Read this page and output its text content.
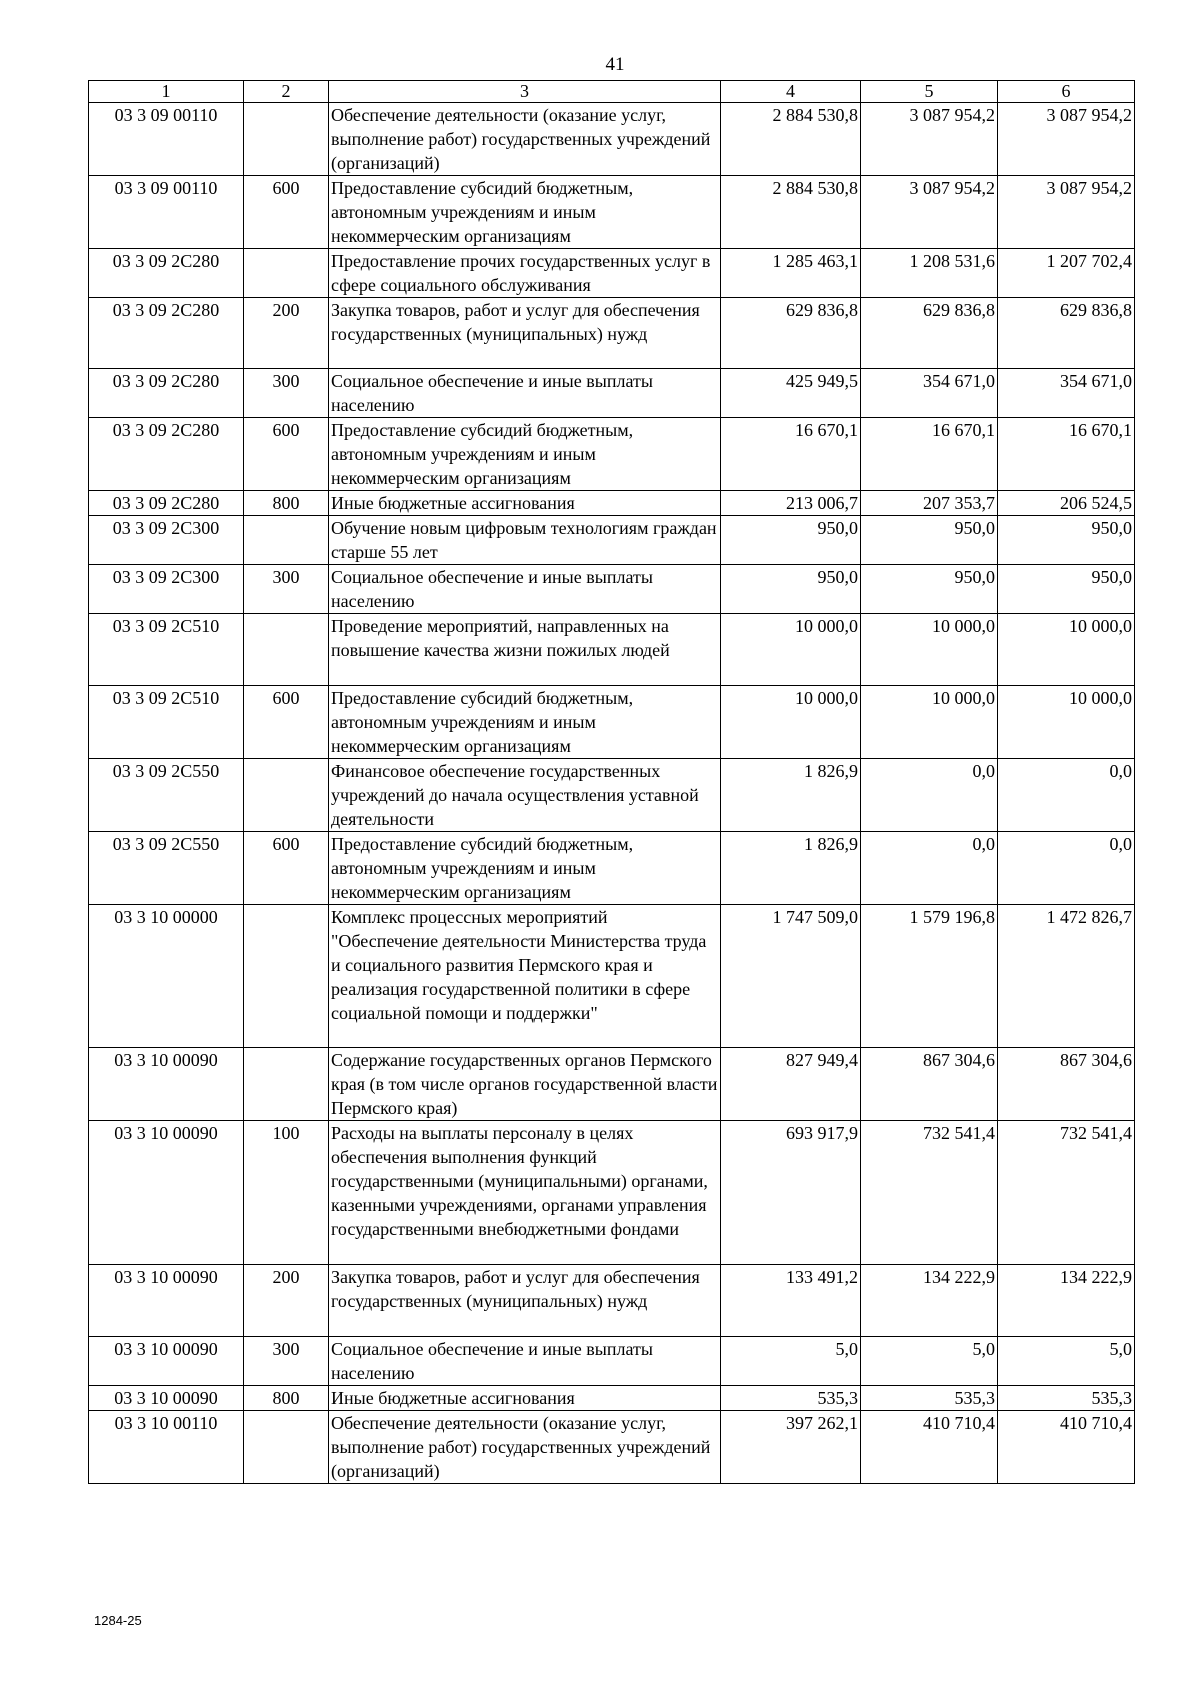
41
1	2	3	4	5	6
03 3 09 00110		Обеспечение деятельности (оказание услуг, выполнение работ) государственных учреждений (организаций)	2 884 530,8	3 087 954,2	3 087 954,2
03 3 09 00110	600	Предоставление субсидий бюджетным, автономным учреждениям и иным некоммерческим организациям	2 884 530,8	3 087 954,2	3 087 954,2
03 3 09 2С280		Предоставление прочих государственных услуг в сфере социального обслуживания	1 285 463,1	1 208 531,6	1 207 702,4
03 3 09 2С280	200	Закупка товаров, работ и услуг для обеспечения государственных (муниципальных) нужд	629 836,8	629 836,8	629 836,8
03 3 09 2С280	300	Социальное обеспечение и иные выплаты населению	425 949,5	354 671,0	354 671,0
03 3 09 2С280	600	Предоставление субсидий бюджетным, автономным учреждениям и иным некоммерческим организациям	16 670,1	16 670,1	16 670,1
03 3 09 2С280	800	Иные бюджетные ассигнования	213 006,7	207 353,7	206 524,5
03 3 09 2С300		Обучение новым цифровым технологиям граждан старше 55 лет	950,0	950,0	950,0
03 3 09 2С300	300	Социальное обеспечение и иные выплаты населению	950,0	950,0	950,0
03 3 09 2С510		Проведение мероприятий, направленных на повышение качества жизни пожилых людей	10 000,0	10 000,0	10 000,0
03 3 09 2С510	600	Предоставление субсидий бюджетным, автономным учреждениям и иным некоммерческим организациям	10 000,0	10 000,0	10 000,0
03 3 09 2С550		Финансовое обеспечение государственных учреждений до начала осуществления уставной деятельности	1 826,9	0,0	0,0
03 3 09 2С550	600	Предоставление субсидий бюджетным, автономным учреждениям и иным некоммерческим организациям	1 826,9	0,0	0,0
03 3 10 00000		Комплекс процессных мероприятий "Обеспечение деятельности Министерства труда и социального развития Пермского края и реализация государственной политики в сфере социальной помощи и поддержки"	1 747 509,0	1 579 196,8	1 472 826,7
03 3 10 00090		Содержание государственных органов Пермского края (в том числе органов государственной власти Пермского края)	827 949,4	867 304,6	867 304,6
03 3 10 00090	100	Расходы на выплаты персоналу в целях обеспечения выполнения функций государственными (муниципальными) органами, казенными учреждениями, органами управления государственными внебюджетными фондами	693 917,9	732 541,4	732 541,4
03 3 10 00090	200	Закупка товаров, работ и услуг для обеспечения государственных (муниципальных) нужд	133 491,2	134 222,9	134 222,9
03 3 10 00090	300	Социальное обеспечение и иные выплаты населению	5,0	5,0	5,0
03 3 10 00090	800	Иные бюджетные ассигнования	535,3	535,3	535,3
03 3 10 00110		Обеспечение деятельности (оказание услуг, выполнение работ) государственных учреждений (организаций)	397 262,1	410 710,4	410 710,4
1284-25
